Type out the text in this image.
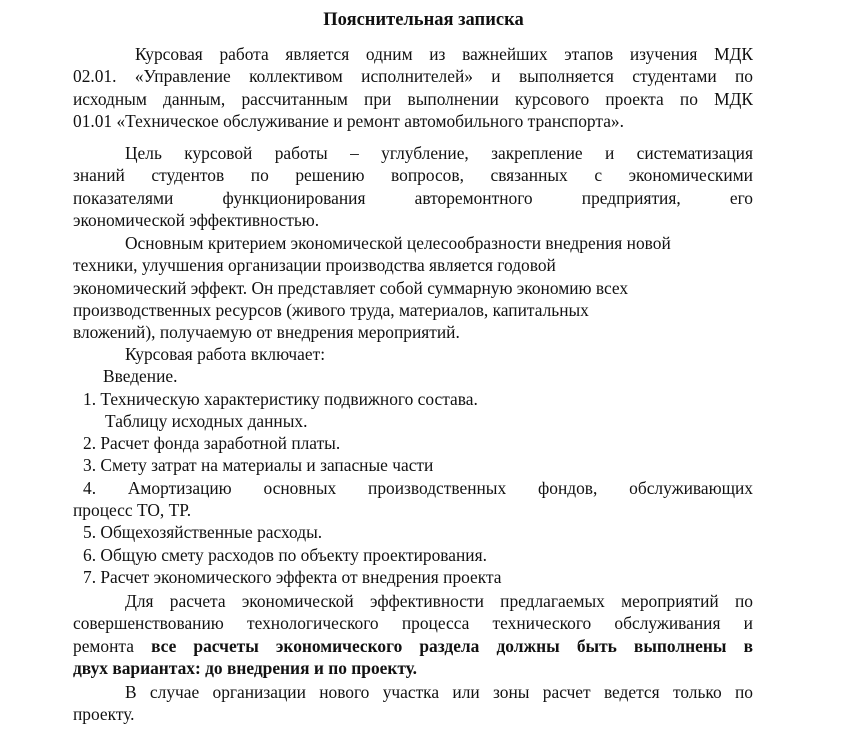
Пояснительная записка
Курсовая работа является одним из важнейших этапов изучения МДК
02.01. «Управление коллективом исполнителей» и выполняется студентами по
исходным данным, рассчитанным при выполнении курсового проекта по МДК
01.01 «Техническое обслуживание и ремонт автомобильного транспорта».
Цель курсовой работы – углубление, закрепление и систематизация
знаний студентов по решению вопросов, связанных с экономическими
показателями функционирования авторемонтного предприятия, его
экономической эффективностью.
Основным критерием экономической целесообразности внедрения новой
техники, улучшения организации производства является годовой
экономический эффект. Он представляет собой суммарную экономию всех
производственных ресурсов (живого труда, материалов, капитальных
вложений), получаемую от внедрения мероприятий.
Курсовая работа включает:
Введение.
1. Техническую характеристику подвижного состава.
Таблицу исходных данных.
2. Расчет фонда заработной платы.
3. Смету затрат на материалы и запасные части
4. Амортизацию основных производственных фондов, обслуживающих
процесс ТО, ТР.
5. Общехозяйственные расходы.
6. Общую смету расходов по объекту проектирования.
7. Расчет экономического эффекта от внедрения проекта
Для расчета экономической эффективности предлагаемых мероприятий по
совершенствованию технологического процесса технического обслуживания и
ремонта все расчеты экономического раздела должны быть выполнены в
двух вариантах: до внедрения и по проекту.
В случае организации нового участка или зоны расчет ведется только по
проекту.
